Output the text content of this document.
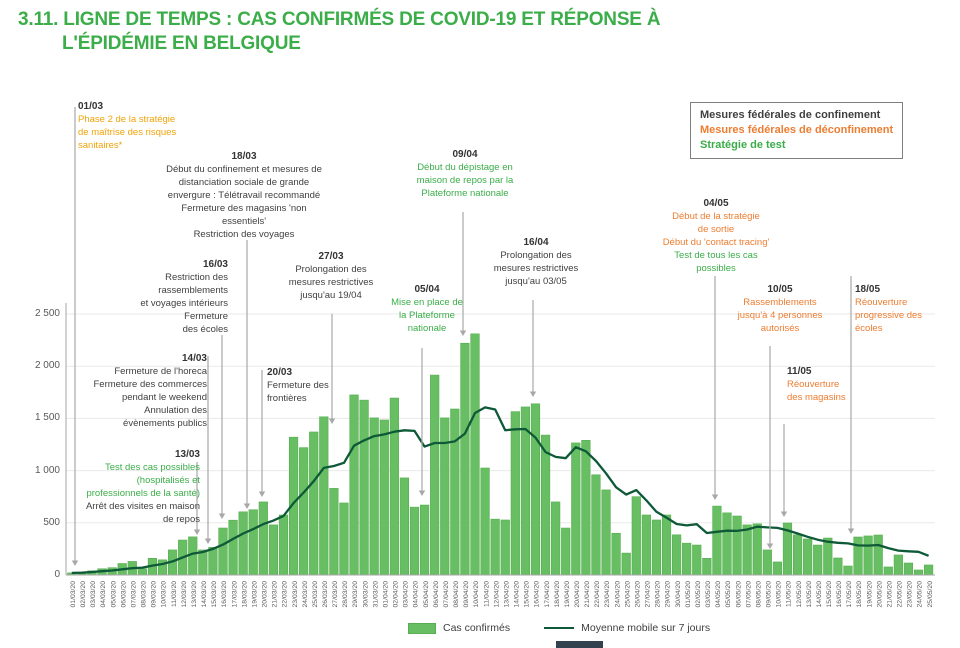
3.11. LIGNE DE TEMPS : CAS CONFIRMÉS DE COVID-19 ET RÉPONSE À
L'ÉPIDÉMIE EN BELGIQUE
01/03/20 02/03/20 03/03/20 04/03/20 05/03/20 06/03/20 07/03/20 08/03/20 09/03/20 10/03/20 11/03/20 12/03/20 13/03/20 14/03/20 15/03/20 16/03/20 17/03/20 18/03/20 19/03/20 20/03/20 21/03/20 22/03/20 23/03/20 24/03/20 25/03/20 26/03/20 27/03/20 28/03/20 29/03/20 30/03/20 31/03/20 01/04/20 02/04/20 03/04/20 04/04/20 05/04/20 06/04/20 07/04/20 08/04/20 09/04/20 10/04/20 11/04/20 12/04/20 13/04/20 14/04/20 15/04/20 16/04/20 17/04/20 18/04/20 19/04/20 20/04/20 21/04/20 22/04/20 23/04/20 24/04/20 25/04/20 26/04/20 27/04/20 28/04/20 29/04/20 30/04/20 01/05/20 02/05/20 03/05/20 04/05/20 05/05/20 06/05/20 07/05/20 08/05/20 09/05/20 10/05/20 11/05/20 12/05/20 13/05/20 14/05/20 15/05/20 16/05/20 17/05/20 18/05/20 19/05/20 20/05/20 21/05/20 22/05/20 23/05/20 24/05/20 25/05/20
0
500
1 000
1 500
2 000
2 500
01/03
Phase 2 de la stratégie
de maîtrise des risques
sanitaires*
18/03
Début du confinement et mesures de
distanciation sociale de grande
envergure : Télétravail recommandé
Fermeture des magasins 'non
essentiels'
Restriction des voyages
16/03
Restriction des
rassemblements
et voyages intérieurs
Fermeture
des écoles
14/03
Fermeture de l'horeca
Fermeture des commerces
pendant le weekend
Annulation des
évènements publics
13/03
Test des cas possibles
(hospitalisés et
professionnels de la santé)
Arrêt des visites en maison
de repos
20/03
Fermeture des
frontières
27/03
Prolongation des
mesures restrictives
jusqu'au 19/04
05/04
Mise en place de
la Plateforme
nationale
09/04
Début du dépistage en
maison de repos par la
Plateforme nationale
16/04
Prolongation des
mesures restrictives
jusqu'au 03/05
04/05
Début de la stratégie
de sortie
Début du 'contact tracing'
Test de tous les cas
possibles
10/05
Rassemblements
jusqu'à 4 personnes
autorisés
11/05
Réouverture
des magasins
18/05
Réouverture
progressive des
écoles
Mesures fédérales de confinement
Mesures fédérales de déconfinement
Stratégie de test
Cas confirmés	Moyenne mobile sur 7 jours
